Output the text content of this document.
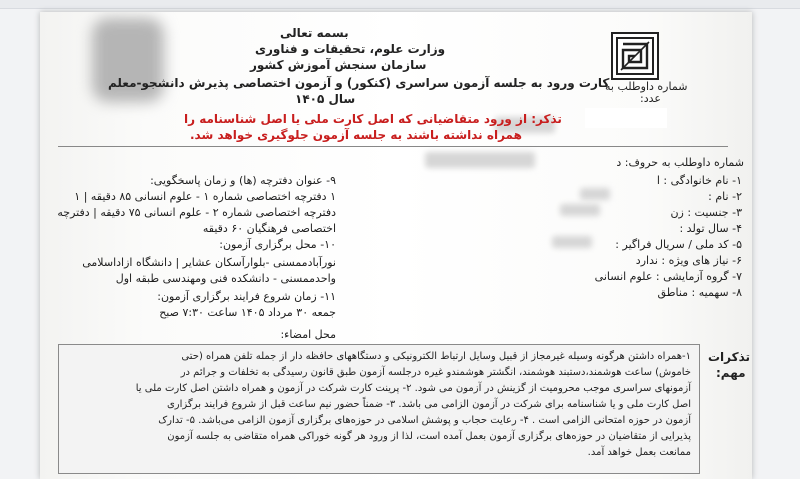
شماره داوطلب به
عدد:
بسمه تعالی
وزارت علوم، تحقیقات و فناوری
سازمان سنجش آموزش کشور
کارت ورود به جلسه آزمون سراسری (کنکور) و آزمون اختصاصی پذیرش دانشجو-معلم
سال ۱۴۰۵
تذکر: از ورود متقاضیانی که اصل کارت ملی یا اصل شناسنامه را
همراه نداشته باشند به جلسه آزمون جلوگیری خواهد شد.
شماره داوطلب به حروف: د
۱- نام خانوادگی : ا
۲- نام :
۳- جنسیت : زن
۴- سال تولد :
۵- کد ملی / سریال فراگیر :
۶- نیاز های ویژه : ندارد
۷- گروه آزمایشی : علوم انسانی
۸- سهمیه : مناطق
۹- عنوان دفترچه (ها) و زمان پاسخگویی:
۱ دفترچه اختصاصی شماره ۱ - علوم انسانی ۸۵ دقیقه | ۱
دفترچه اختصاصی شماره ۲ - علوم انسانی ۷۵ دقیقه | دفترچه
اختصاصی فرهنگیان ۶۰ دقیقه
۱۰- محل برگزاری آزمون:
نورآبادممسنی -بلوارآسکان عشایر | دانشگاه ازاداسلامی
واحدممسنی - دانشکده فنی ومهندسی طبقه اول
۱۱- زمان شروع فرایند برگزاری آزمون:
جمعه ۳۰ مرداد ۱۴۰۵ ساعت ۷:۳۰ صبح
محل امضاء:
تذکرات
مهم:
۱-همراه داشتن هرگونه وسیله غیرمجاز از قبیل وسایل ارتباط الکترونیکی و دستگاههای حافظه دار از جمله تلفن همراه (حتی
خاموش) ساعت هوشمند،دستبند هوشمند، انگشتر هوشمندو غیره درجلسه آزمون طبق قانون رسیدگی به تخلفات و جرائم در
آزمونهای سراسری موجب محرومیت از گزینش در آزمون می شود. ۲- پرینت کارت شرکت در آزمون و همراه داشتن اصل کارت ملی یا
اصل کارت ملی و یا شناسنامه برای شرکت در آزمون الزامی می باشد. ۳- ضمناً حضور نیم ساعت قبل از شروع فرایند برگزاری
آزمون در حوزه امتحانی الزامی است . ۴- رعایت حجاب و پوشش اسلامی در حوزه‌های برگزاری آزمون الزامی می‌باشد. ۵- تدارک
پذیرایی از متقاضیان در حوزه‌های برگزاری آزمون بعمل آمده است، لذا از ورود هر گونه خوراکی همراه متقاضی به جلسه آزمون
ممانعت بعمل خواهد آمد.
